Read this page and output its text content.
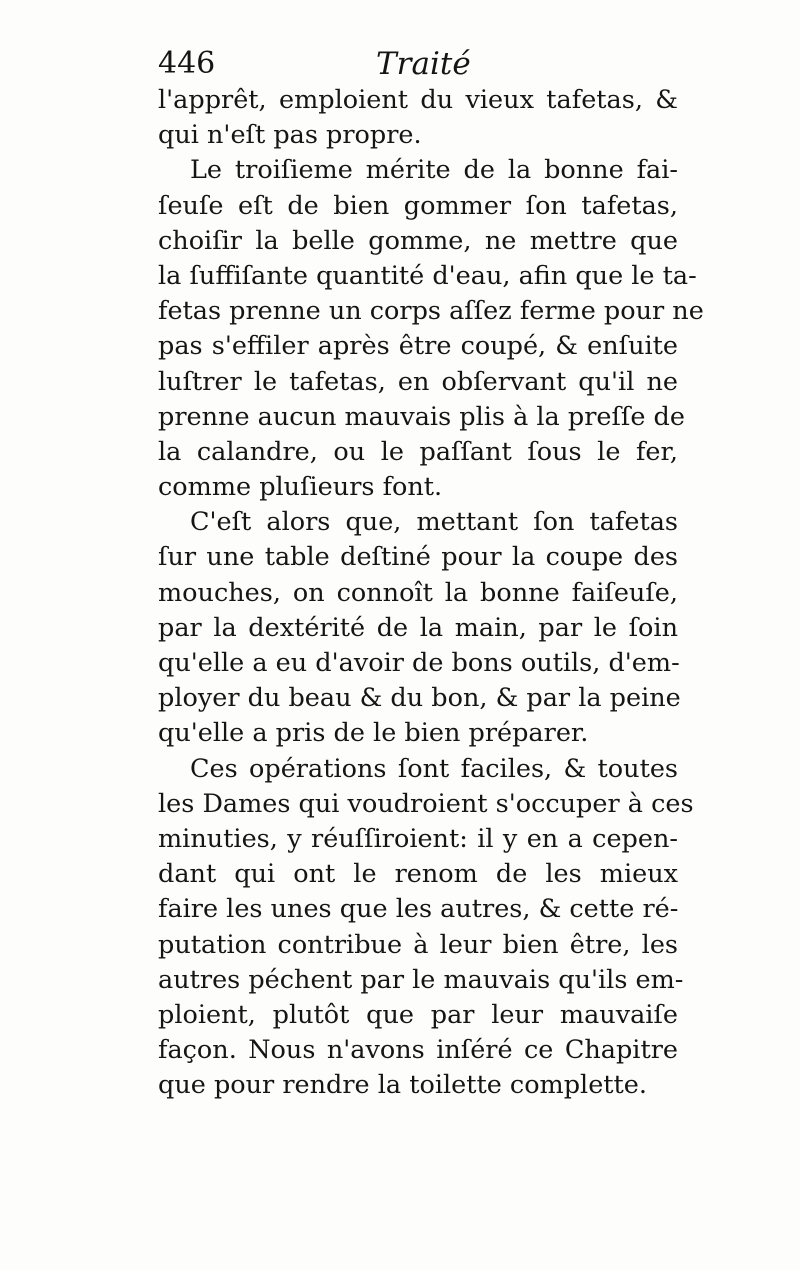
446	Traité
l'apprêt, emploient du vieux tafetas, &
qui n'eſt pas propre.
Le troiſieme mérite de la bonne fai-
ſeuſe eſt de bien gommer ſon tafetas,
choiſir la belle gomme, ne mettre que
la ſuffiſante quantité d'eau, afin que le ta-
fetas prenne un corps aſſez ferme pour ne
pas s'effiler après être coupé, & enſuite
luſtrer le tafetas, en obſervant qu'il ne
prenne aucun mauvais plis à la preſſe de
la calandre, ou le paſſant ſous le fer,
comme pluſieurs font.
C'eſt alors que, mettant ſon tafetas
ſur une table deſtiné pour la coupe des
mouches, on connoît la bonne faiſeuſe,
par la dextérité de la main, par le ſoin
qu'elle a eu d'avoir de bons outils, d'em-
ployer du beau & du bon, & par la peine
qu'elle a pris de le bien préparer.
Ces opérations ſont faciles, & toutes
les Dames qui voudroient s'occuper à ces
minuties, y réuſſiroient: il y en a cepen-
dant qui ont le renom de les mieux
faire les unes que les autres, & cette ré-
putation contribue à leur bien être, les
autres péchent par le mauvais qu'ils em-
ploient, plutôt que par leur mauvaiſe
façon. Nous n'avons inſéré ce Chapitre
que pour rendre la toilette complette.
